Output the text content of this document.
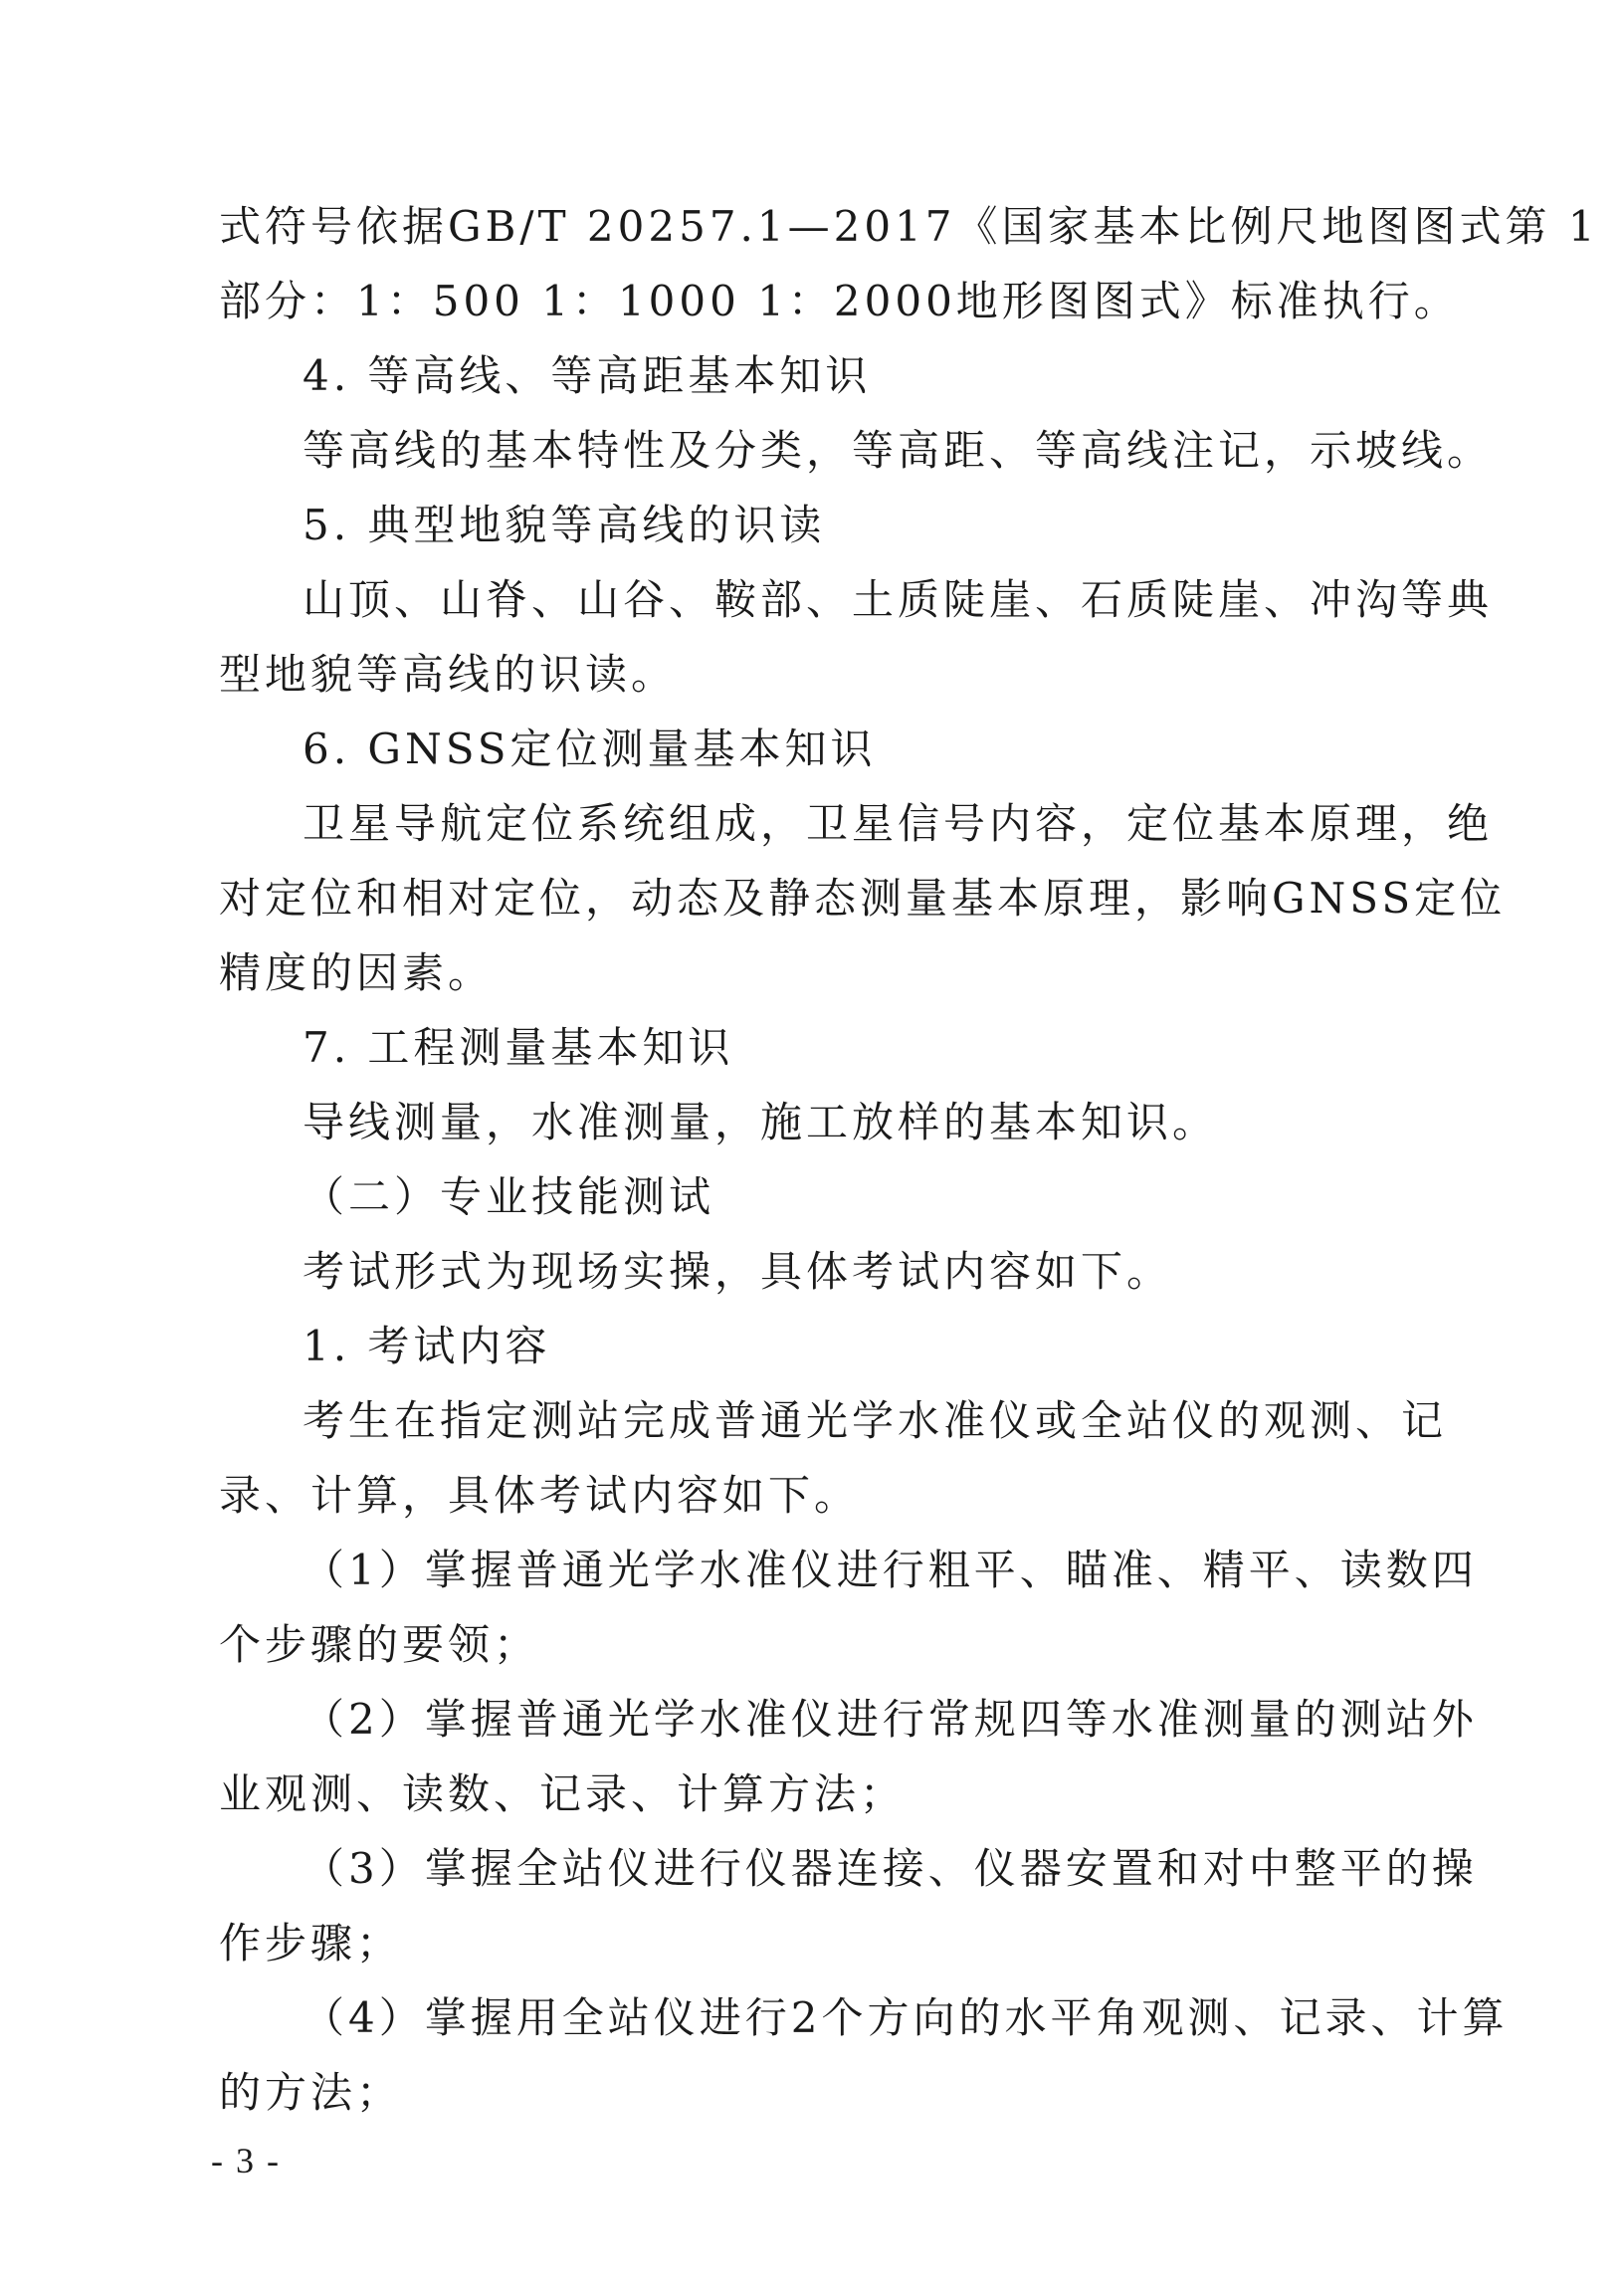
式符号依据GB/T 20257.1—2017《国家基本比例尺地图图式第 1
部分：1：500 1：1000 1：2000地形图图式》标准执行。
4. 等高线、等高距基本知识
等高线的基本特性及分类，等高距、等高线注记，示坡线。
5. 典型地貌等高线的识读
山顶、山脊、山谷、鞍部、土质陡崖、石质陡崖、冲沟等典
型地貌等高线的识读。
6. GNSS定位测量基本知识
卫星导航定位系统组成，卫星信号内容，定位基本原理，绝
对定位和相对定位，动态及静态测量基本原理，影响GNSS定位
精度的因素。
7. 工程测量基本知识
导线测量，水准测量，施工放样的基本知识。
（二）专业技能测试
考试形式为现场实操，具体考试内容如下。
1. 考试内容
考生在指定测站完成普通光学水准仪或全站仪的观测、记
录、计算，具体考试内容如下。
（1）掌握普通光学水准仪进行粗平、瞄准、精平、读数四
个步骤的要领；
（2）掌握普通光学水准仪进行常规四等水准测量的测站外
业观测、读数、记录、计算方法；
（3）掌握全站仪进行仪器连接、仪器安置和对中整平的操
作步骤；
（4）掌握用全站仪进行2个方向的水平角观测、记录、计算
的方法；
- 3 -
